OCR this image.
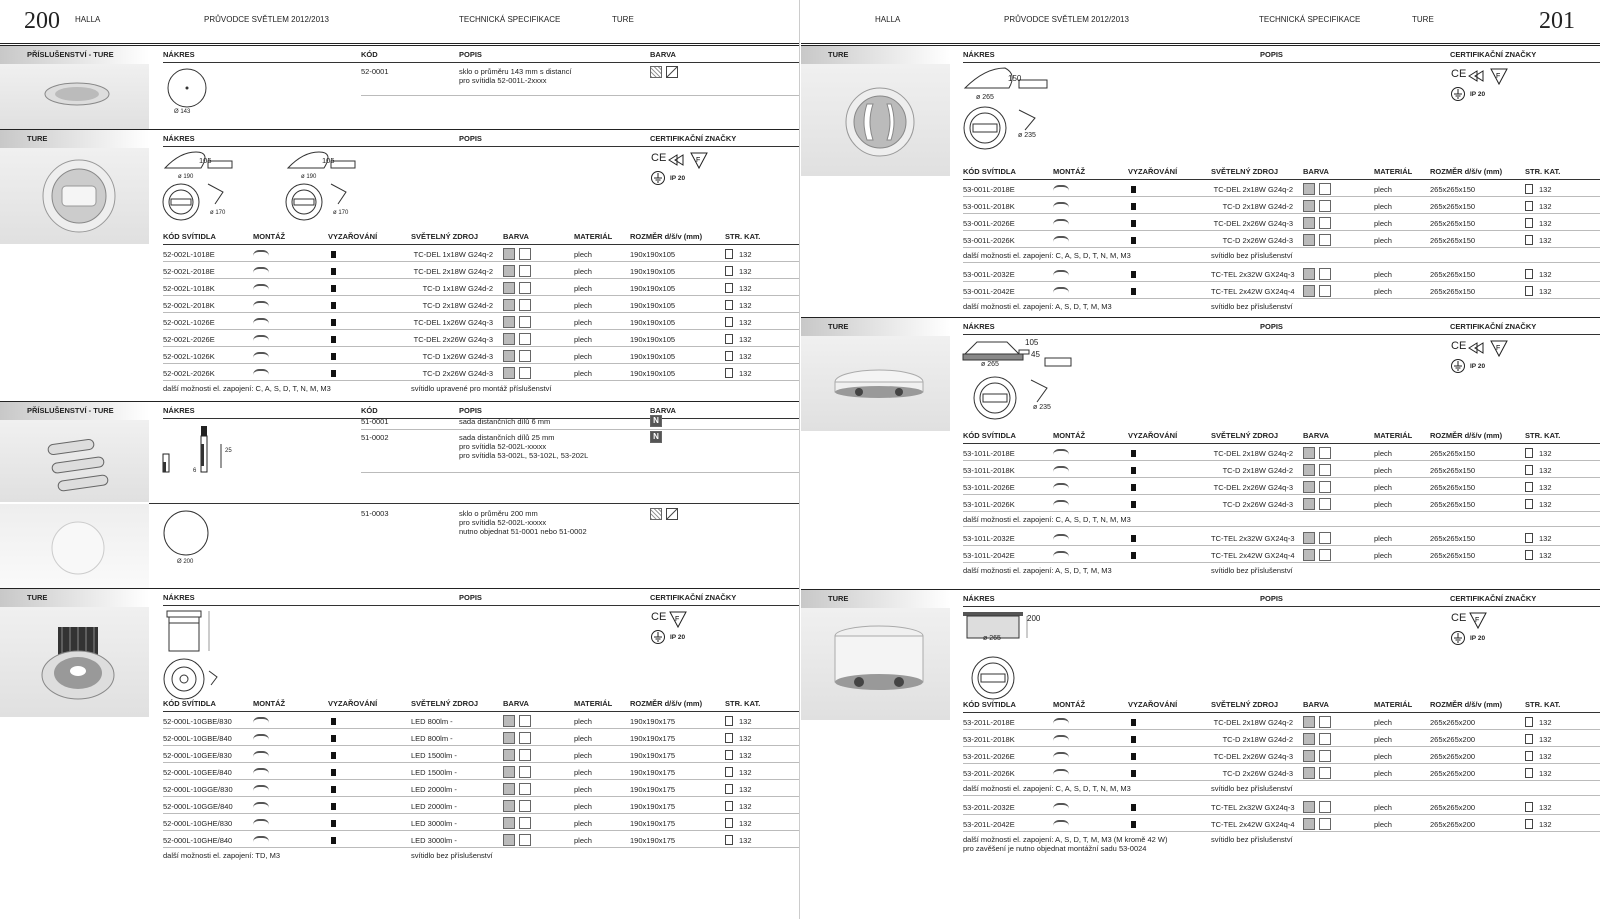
200 HALLA	PRŮVODCE SVĚTLEM 2012/2013	TECHNICKÁ SPECIFIKACE	TURE
PŘÍSLUŠENSTVÍ - TURE	NÁKRES	KÓD	POPIS	BARVA
Ø 143
52-0001	sklo o průměru 143 mm s distancí
pro svítidla 52-001L-2xxxx
TURE	NÁKRES	POPIS	CERTIFIKAČNÍ ZNAČKY
105
ø 190
ø 170
105
ø 190
ø 170
CE	F
IP 20
KÓD SVÍTIDLA	MONTÁŽ	VYZAŘOVÁNÍ	SVĚTELNÝ ZDROJ	BARVA	MATERIÁL ROZMĚR d/š/v (mm)	STR. KAT.
52-002L-1018E	TC-DEL 1x18W G24q-2	plech	190x190x105	132
52-002L-2018E	TC-DEL 2x18W G24q-2	plech	190x190x105	132
52-002L-1018K	TC-D 1x18W G24d-2	plech	190x190x105	132
52-002L-2018K	TC-D 2x18W G24d-2	plech	190x190x105	132
52-002L-1026E	TC-DEL 1x26W G24q-3	plech	190x190x105	132
52-002L-2026E	TC-DEL 2x26W G24q-3	plech	190x190x105	132
52-002L-1026K	TC-D 1x26W G24d-3	plech	190x190x105	132
52-002L-2026K	TC-D 2x26W G24d-3	plech	190x190x105	132
další možnosti el. zapojení: C, A, S, D, T, N, M, M3	svítidlo upravené pro montáž příslušenství
PŘÍSLUŠENSTVÍ - TURE	NÁKRES	KÓD	POPIS	BARVA
25
6
51-0001	sada distančních dílů 6 mm	N
51-0002	sada distančních dílů 25 mm
pro svítidla 52-002L-xxxxx
pro svítidla 53-002L, 53-102L, 53-202L
N
Ø 200
51-0003	sklo o průměru 200 mm
pro svítidla 52-002L-xxxxx
nutno objednat 51-0001 nebo 51-0002
TURE	NÁKRES	POPIS	CERTIFIKAČNÍ ZNAČKY
CE F
IP 20
KÓD SVÍTIDLA	MONTÁŽ	VYZAŘOVÁNÍ	SVĚTELNÝ ZDROJ	BARVA	MATERIÁL ROZMĚR d/š/v (mm)	STR. KAT.
52-000L-10GBE/830	LED 800lm -	plech	190x190x175	132
52-000L-10GBE/840	LED 800lm -	plech	190x190x175	132
52-000L-10GEE/830	LED 1500lm -	plech	190x190x175	132
52-000L-10GEE/840	LED 1500lm -	plech	190x190x175	132
52-000L-10GGE/830	LED 2000lm -	plech	190x190x175	132
52-000L-10GGE/840	LED 2000lm -	plech	190x190x175	132
52-000L-10GHE/830	LED 3000lm -	plech	190x190x175	132
52-000L-10GHE/840	LED 3000lm -	plech	190x190x175	132
další možnosti el. zapojení: TD, M3	svítidlo bez příslušenství
HALLA	PRŮVODCE SVĚTLEM 2012/2013	TECHNICKÁ SPECIFIKACE	TURE	201
TURE	NÁKRES	POPIS	CERTIFIKAČNÍ ZNAČKY
150
ø 265
ø 235
CE	F
IP 20
KÓD SVÍTIDLA	MONTÁŽ	VYZAŘOVÁNÍ	SVĚTELNÝ ZDROJ	BARVA	MATERIÁL ROZMĚR d/š/v (mm)	STR. KAT.
53-001L-2018E	TC-DEL 2x18W G24q-2	plech	265x265x150	132
53-001L-2018K	TC-D 2x18W G24d-2	plech	265x265x150	132
53-001L-2026E	TC-DEL 2x26W G24q-3	plech	265x265x150	132
53-001L-2026K	TC-D 2x26W G24d-3	plech	265x265x150	132
další možnosti el. zapojení: C, A, S, D, T, N, M, M3	svítidlo bez příslušenství
53-001L-2032E	TC-TEL 2x32W GX24q-3	plech	265x265x150	132
53-001L-2042E	TC-TEL 2x42W GX24q-4	plech	265x265x150	132
další možnosti el. zapojení: A, S, D, T, M, M3	svítidlo bez příslušenství
TURE	NÁKRES	POPIS	CERTIFIKAČNÍ ZNAČKY
105
45
ø 265
ø 235
CE	F
IP 20
KÓD SVÍTIDLA	MONTÁŽ	VYZAŘOVÁNÍ	SVĚTELNÝ ZDROJ	BARVA	MATERIÁL ROZMĚR d/š/v (mm)	STR. KAT.
53-101L-2018E	TC-DEL 2x18W G24q-2	plech	265x265x150	132
53-101L-2018K	TC-D 2x18W G24d-2	plech	265x265x150	132
53-101L-2026E	TC-DEL 2x26W G24q-3	plech	265x265x150	132
53-101L-2026K	TC-D 2x26W G24d-3	plech	265x265x150	132
další možnosti el. zapojení: C, A, S, D, T, N, M, M3
53-101L-2032E	TC-TEL 2x32W GX24q-3	plech	265x265x150	132
53-101L-2042E	TC-TEL 2x42W GX24q-4	plech	265x265x150	132
další možnosti el. zapojení: A, S, D, T, M, M3	svítidlo bez příslušenství
TURE	NÁKRES	POPIS	CERTIFIKAČNÍ ZNAČKY
200
ø 265
CE F
IP 20
KÓD SVÍTIDLA	MONTÁŽ	VYZAŘOVÁNÍ	SVĚTELNÝ ZDROJ	BARVA	MATERIÁL ROZMĚR d/š/v (mm)	STR. KAT.
53-201L-2018E	TC-DEL 2x18W G24q-2	plech	265x265x200	132
53-201L-2018K	TC-D 2x18W G24d-2	plech	265x265x200	132
53-201L-2026E	TC-DEL 2x26W G24q-3	plech	265x265x200	132
53-201L-2026K	TC-D 2x26W G24d-3	plech	265x265x200	132
další možnosti el. zapojení: C, A, S, D, T, N, M, M3	svítidlo bez příslušenství
53-201L-2032E	TC-TEL 2x32W GX24q-3	plech	265x265x200	132
53-201L-2042E	TC-TEL 2x42W GX24q-4	plech	265x265x200	132
další možnosti el. zapojení: A, S, D, T, M, M3 (M kromě 42 W)
pro zavěšení je nutno objednat montážní sadu 53-0024
svítidlo bez příslušenství
